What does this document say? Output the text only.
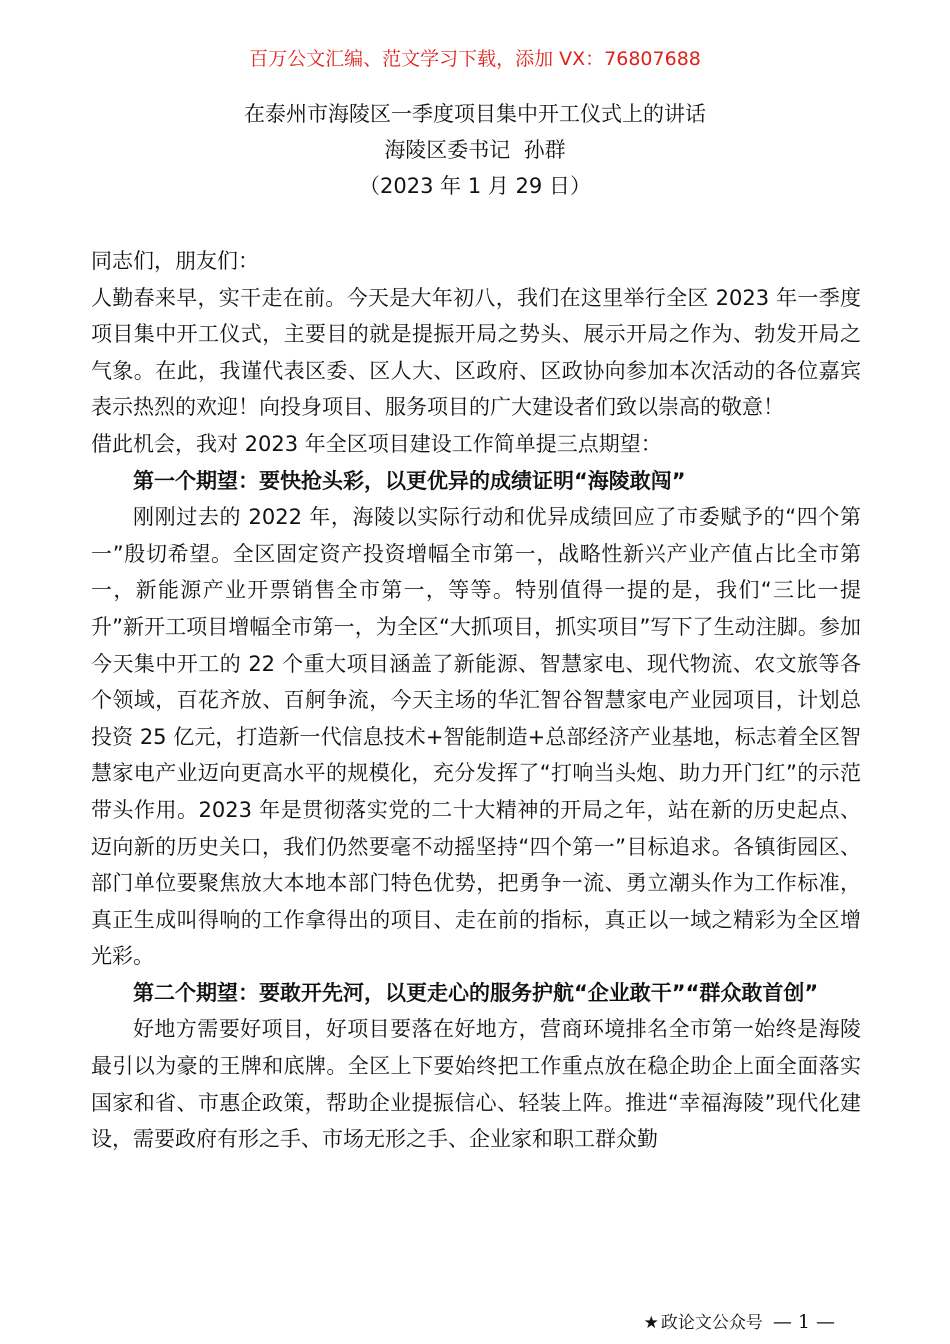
百万公文汇编、范文学习下载，添加 VX：76807688
在泰州市海陵区一季度项目集中开工仪式上的讲话
海陵区委书记  孙群
（2023 年 1 月 29 日）

同志们，朋友们：

人勤春来早，实干走在前。今天是大年初八，我们在这里举行全区 2023 年一季度项目集中开工仪式，主要目的就是提振开局之势头、展示开局之作为、勃发开局之气象。在此，我谨代表区委、区人大、区政府、区政协向参加本次活动的各位嘉宾表示热烈的欢迎！向投身项目、服务项目的广大建设者们致以崇高的敬意！

借此机会，我对 2023 年全区项目建设工作简单提三点期望：

第一个期望：要快抢头彩，以更优异的成绩证明“海陵敢闯”

刚刚过去的 2022 年，海陵以实际行动和优异成绩回应了市委赋予的“四个第一”殷切希望。全区固定资产投资增幅全市第一，战略性新兴产业产值占比全市第一，新能源产业开票销售全市第一，等等。特别值得一提的是，我们“三比一提升”新开工项目增幅全市第一，为全区“大抓项目，抓实项目”写下了生动注脚。参加今天集中开工的 22 个重大项目涵盖了新能源、智慧家电、现代物流、农文旅等各个领域，百花齐放、百舸争流，今天主场的华汇智谷智慧家电产业园项目，计划总投资 25 亿元，打造新一代信息技术+智能制造+总部经济产业基地，标志着全区智慧家电产业迈向更高水平的规模化，充分发挥了“打响当头炮、助力开门红”的示范带头作用。2023 年是贯彻落实党的二十大精神的开局之年，站在新的历史起点、迈向新的历史关口，我们仍然要毫不动摇坚持“四个第一”目标追求。各镇街园区、部门单位要聚焦放大本地本部门特色优势，把勇争一流、勇立潮头作为工作标准，真正生成叫得响的工作拿得出的项目、走在前的指标，真正以一域之精彩为全区增光彩。

第二个期望：要敢开先河，以更走心的服务护航“企业敢干”“群众敢首创”

好地方需要好项目，好项目要落在好地方，营商环境排名全市第一始终是海陵最引以为豪的王牌和底牌。全区上下要始终把工作重点放在稳企助企上面全面落实国家和省、市惠企政策，帮助企业提振信心、轻装上阵。推进“幸福海陵”现代化建设，需要政府有形之手、市场无形之手、企业家和职工群众勤

★ 政论文公众号 — 1 —
